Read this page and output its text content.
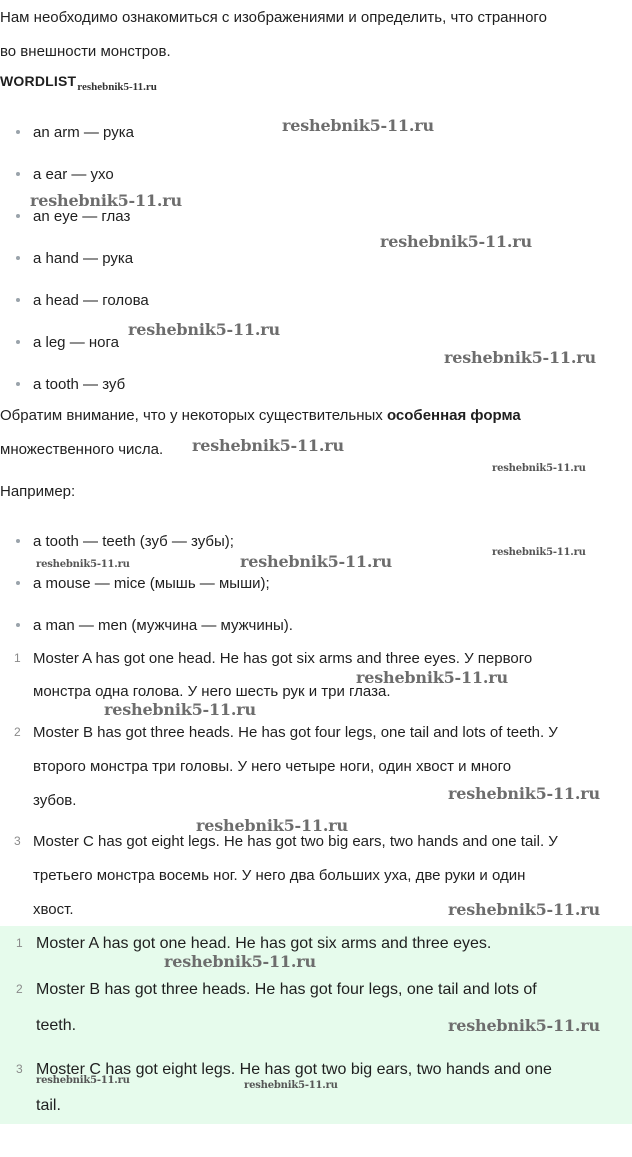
Нам необходимо ознакомиться с изображениями и определить, что странного
во внешности монстров.
$WORDLIST_{reshebnik5-11.ru}$
an arm — рука
a ear — ухо
an eye — глаз
a hand — рука
a head — голова
a leg — нога
a tooth — зуб
Обратим внимание, что у некоторых существительных особенная форма
множественного числа.
Например:
a tooth — teeth (зуб — зубы);
a mouse — mice (мышь — мыши);
a man — men (мужчина — мужчины).
1 Moster A has got one head. He has got six arms and three eyes. У первого
монстра одна голова. У него шесть рук и три глаза.
2 Moster B has got three heads. He has got four legs, one tail and lots of teeth. У
второго монстра три головы. У него четыре ноги, один хвост и много
зубов.
3 Moster C has got eight legs. He has got two big ears, two hands and one tail. У
третьего монстра восемь ног. У него два больших уха, две руки и один
хвост.
1 Moster A has got one head. He has got six arms and three eyes.
2 Moster B has got three heads. He has got four legs, one tail and lots of
teeth.
3 Moster C has got eight legs. He has got two big ears, two hands and one
tail.
reshebnik5-11.ru
reshebnik5-11.ru
reshebnik5-11.ru
reshebnik5-11.ru
reshebnik5-11.ru
reshebnik5-11.ru
reshebnik5-11.ru
reshebnik5-11.ru
reshebnik5-11.ru
reshebnik5-11.ru
reshebnik5-11.ru
reshebnik5-11.ru
reshebnik5-11.ru
reshebnik5-11.ru
reshebnik5-11.ru
reshebnik5-11.ru
reshebnik5-11.ru
reshebnik5-11.ru	reshebnik5-11.ru
